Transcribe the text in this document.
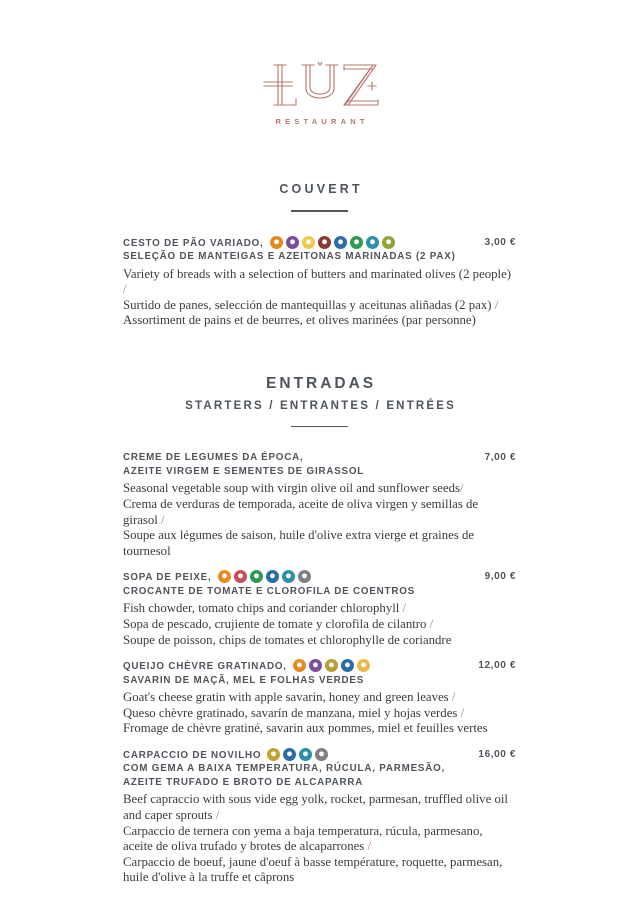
RESTAURANT
COUVERT
CESTO DE PÃO VARIADO,
SELEÇÃO DE MANTEIGAS E AZEITONAS MARINADAS (2 PAX)
3,00 €
Variety of breads with a selection of butters and marinated olives (2 people) /
Surtido de panes, selección de mantequillas y aceitunas aliñadas (2 pax) /
Assortiment de pains et de beurres, et olives marinées (par personne)
ENTRADAS
STARTERS / ENTRANTES / ENTRÉES
CREME DE LEGUMES DA ÉPOCA,
AZEITE VIRGEM E SEMENTES DE GIRASSOL
7,00 €
Seasonal vegetable soup with virgin olive oil and sunflower seeds/
Crema de verduras de temporada, aceite de oliva virgen y semillas de girasol /
Soupe aux légumes de saison, huile d'olive extra vierge et graines de tournesol
SOPA DE PEIXE,
CROCANTE DE TOMATE E CLOROFILA DE COENTROS
9,00 €
Fish chowder, tomato chips and coriander chlorophyll /
Sopa de pescado, crujiente de tomate y clorofila de cilantro /
Soupe de poisson, chips de tomates et chlorophylle de coriandre
QUEIJO CHÈVRE GRATINADO,
SAVARIN DE MAÇÃ, MEL E FOLHAS VERDES
12,00 €
Goat's cheese gratin with apple savarin, honey and green leaves /
Queso chèvre gratinado, savarín de manzana, miel y hojas verdes /
Fromage de chèvre gratiné, savarin aux pommes, miel et feuilles vertes
CARPACCIO DE NOVILHO
COM GEMA A BAIXA TEMPERATURA, RÚCULA, PARMESÃO,
AZEITE TRUFADO E BROTO DE ALCAPARRA
16,00 €
Beef capraccio with sous vide egg yolk, rocket, parmesan, truffled olive oil
and caper sprouts /
Carpaccio de ternera con yema a baja temperatura, rúcula, parmesano,
aceite de oliva trufado y brotes de alcaparrones /
Carpaccio de boeuf, jaune d'oeuf à basse température, roquette, parmesan,
huile d'olive à la truffe et câprons
